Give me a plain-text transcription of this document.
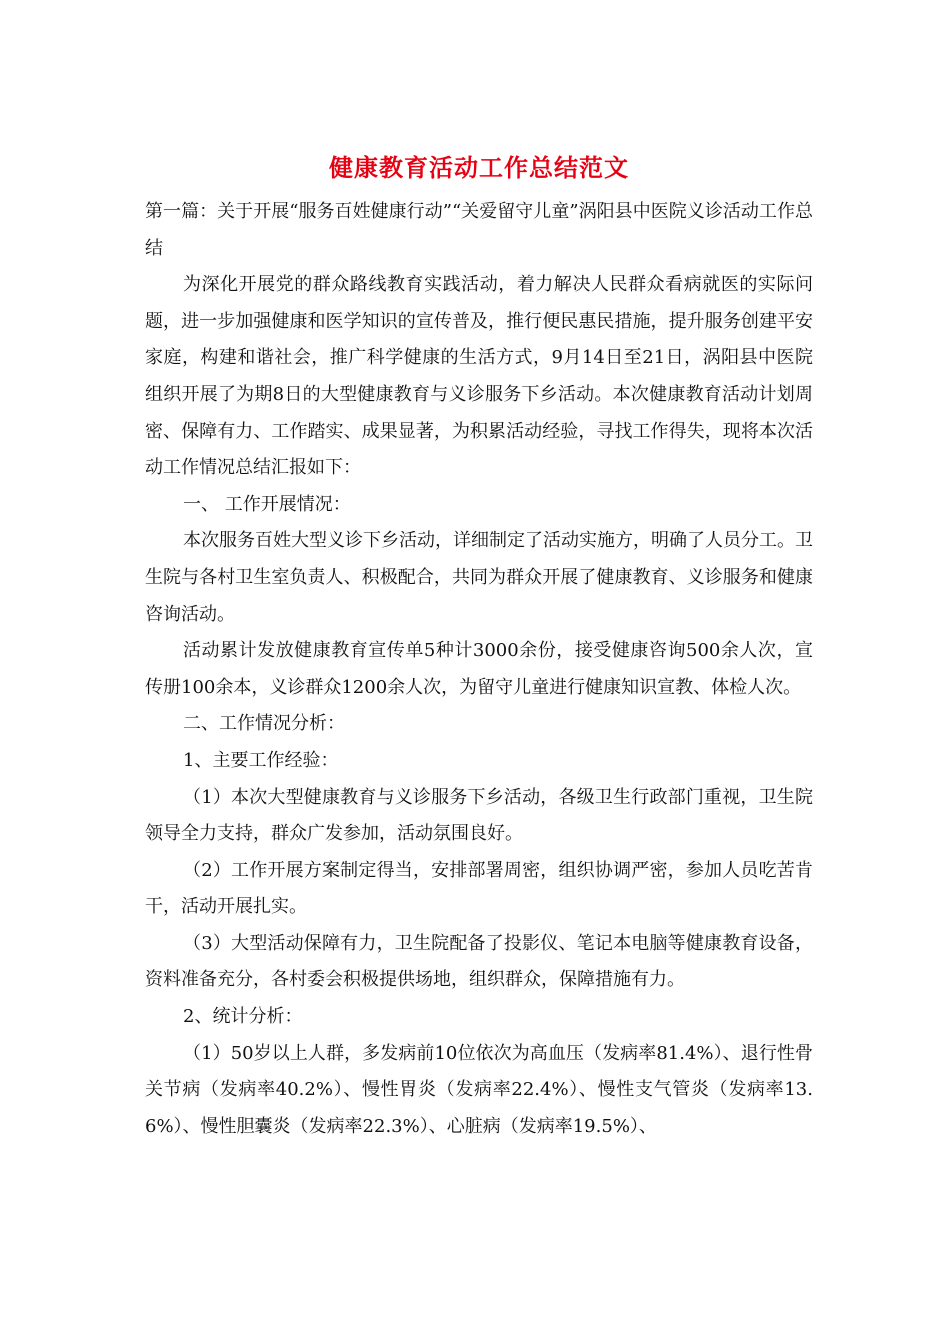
健康教育活动工作总结范文

第一篇：关于开展“服务百姓健康行动”“关爱留守儿童”涡阳县中医院义诊活动工作总结

为深化开展党的群众路线教育实践活动，着力解决人民群众看病就医的实际问题，进一步加强健康和医学知识的宣传普及，推行便民惠民措施，提升服务创建平安家庭，构建和谐社会，推广科学健康的生活方式，9月14日至21日，涡阳县中医院组织开展了为期8日的大型健康教育与义诊服务下乡活动。本次健康教育活动计划周密、保障有力、工作踏实、成果显著，为积累活动经验，寻找工作得失，现将本次活动工作情况总结汇报如下：

一、 工作开展情况：

本次服务百姓大型义诊下乡活动，详细制定了活动实施方，明确了人员分工。卫生院与各村卫生室负责人、积极配合，共同为群众开展了健康教育、义诊服务和健康咨询活动。

活动累计发放健康教育宣传单5种计3000余份，接受健康咨询500余人次，宣传册100余本，义诊群众1200余人次，为留守儿童进行健康知识宣教、体检人次。

二、工作情况分析：

1、主要工作经验：

（1）本次大型健康教育与义诊服务下乡活动，各级卫生行政部门重视，卫生院领导全力支持，群众广发参加，活动氛围良好。

（2）工作开展方案制定得当，安排部署周密，组织协调严密，参加人员吃苦肯干，活动开展扎实。

（3）大型活动保障有力，卫生院配备了投影仪、笔记本电脑等健康教育设备，资料准备充分，各村委会积极提供场地，组织群众，保障措施有力。

2、统计分析：

（1）50岁以上人群，多发病前10位依次为高血压（发病率81.4%）、退行性骨关节病（发病率40.2%）、慢性胃炎（发病率22.4%）、慢性支气管炎（发病率13.6%）、慢性胆囊炎（发病率22.3%）、心脏病（发病率19.5%）、
